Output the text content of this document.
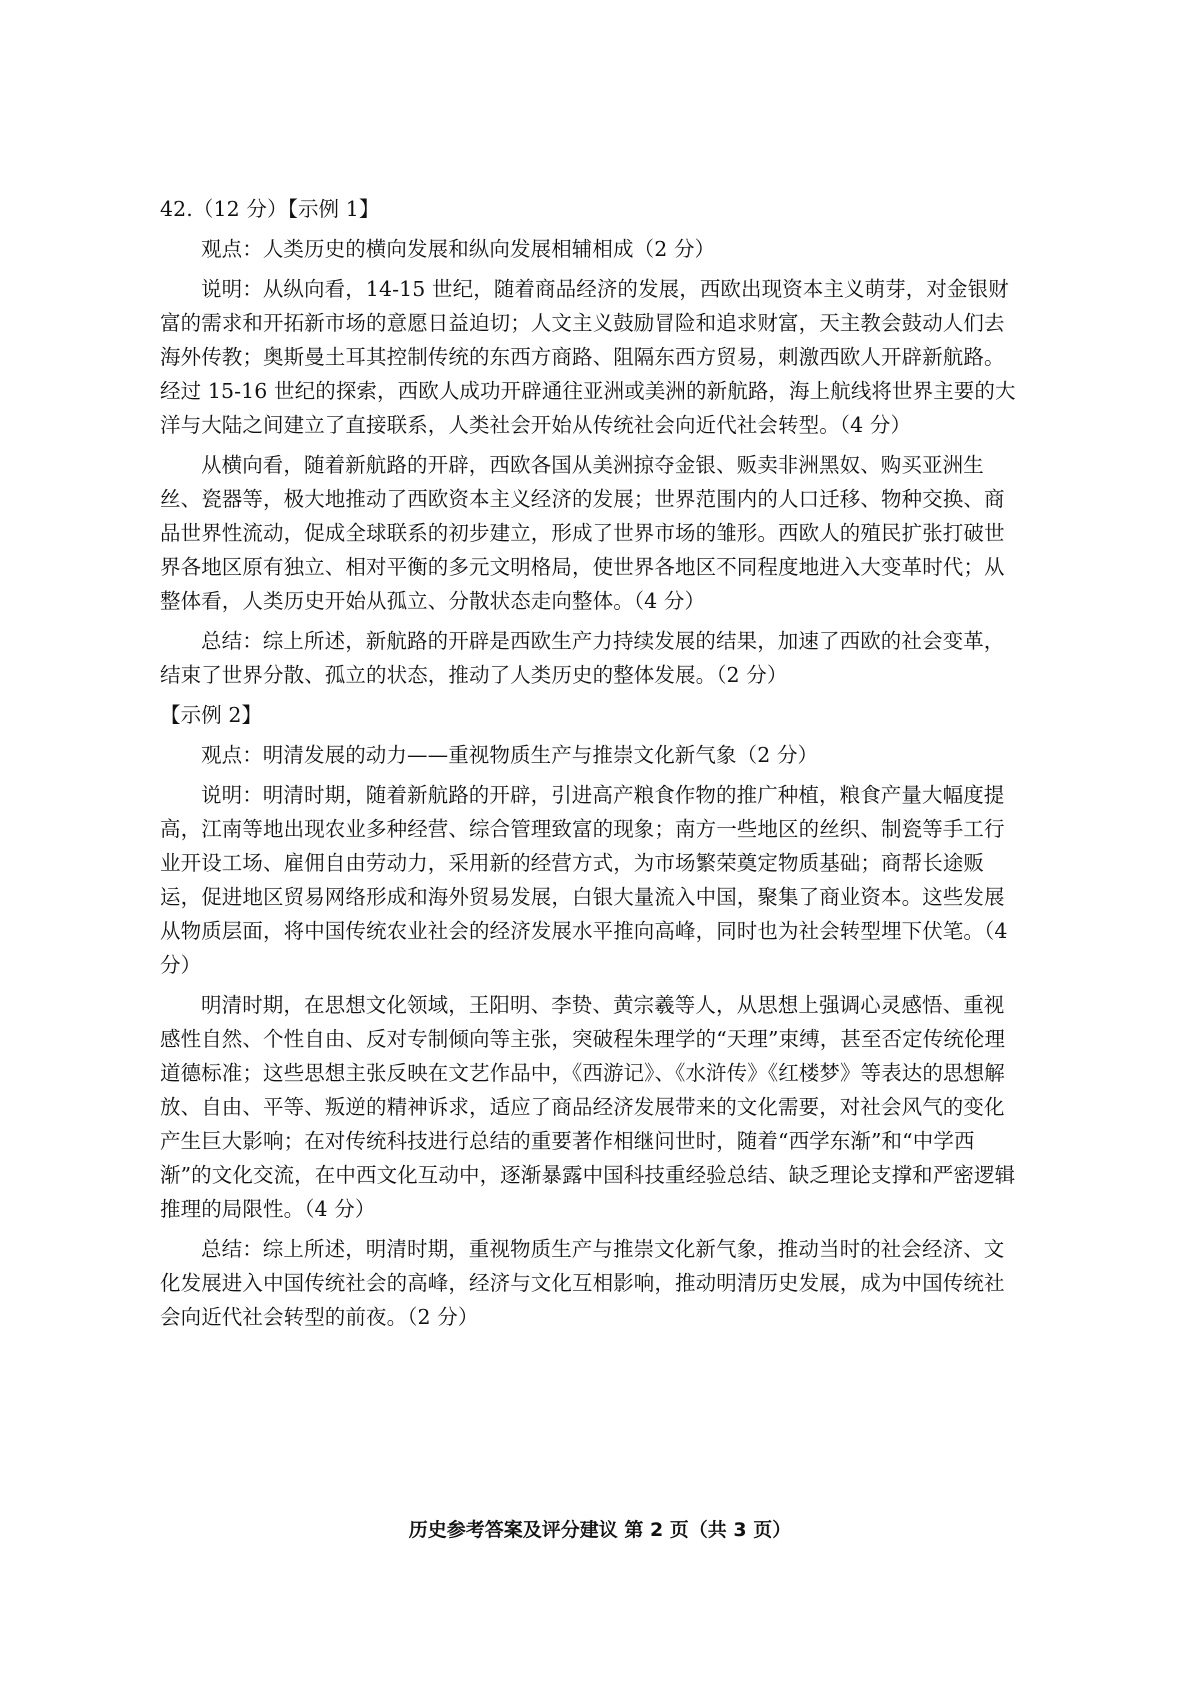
42.（12 分）【示例 1】

观点：人类历史的横向发展和纵向发展相辅相成（2 分）

说明：从纵向看，14-15 世纪，随着商品经济的发展，西欧出现资本主义萌芽，对金银财富的需求和开拓新市场的意愿日益迫切；人文主义鼓励冒险和追求财富，天主教会鼓动人们去海外传教；奥斯曼土耳其控制传统的东西方商路、阻隔东西方贸易，刺激西欧人开辟新航路。经过 15-16 世纪的探索，西欧人成功开辟通往亚洲或美洲的新航路，海上航线将世界主要的大洋与大陆之间建立了直接联系，人类社会开始从传统社会向近代社会转型。（4 分）

从横向看，随着新航路的开辟，西欧各国从美洲掠夺金银、贩卖非洲黑奴、购买亚洲生丝、瓷器等，极大地推动了西欧资本主义经济的发展；世界范围内的人口迁移、物种交换、商品世界性流动，促成全球联系的初步建立，形成了世界市场的雏形。西欧人的殖民扩张打破世界各地区原有独立、相对平衡的多元文明格局，使世界各地区不同程度地进入大变革时代；从整体看，人类历史开始从孤立、分散状态走向整体。（4 分）

总结：综上所述，新航路的开辟是西欧生产力持续发展的结果，加速了西欧的社会变革，结束了世界分散、孤立的状态，推动了人类历史的整体发展。（2 分）

【示例 2】

观点：明清发展的动力——重视物质生产与推崇文化新气象（2 分）

说明：明清时期，随着新航路的开辟，引进高产粮食作物的推广种植，粮食产量大幅度提高，江南等地出现农业多种经营、综合管理致富的现象；南方一些地区的丝织、制瓷等手工行业开设工场、雇佣自由劳动力，采用新的经营方式，为市场繁荣奠定物质基础；商帮长途贩运，促进地区贸易网络形成和海外贸易发展，白银大量流入中国，聚集了商业资本。这些发展从物质层面，将中国传统农业社会的经济发展水平推向高峰，同时也为社会转型埋下伏笔。（4 分）

明清时期，在思想文化领域，王阳明、李贽、黄宗羲等人，从思想上强调心灵感悟、重视感性自然、个性自由、反对专制倾向等主张，突破程朱理学的“天理”束缚，甚至否定传统伦理道德标准；这些思想主张反映在文艺作品中，《西游记》、《水浒传》《红楼梦》等表达的思想解放、自由、平等、叛逆的精神诉求，适应了商品经济发展带来的文化需要，对社会风气的变化产生巨大影响；在对传统科技进行总结的重要著作相继问世时，随着“西学东渐”和“中学西渐”的文化交流，在中西文化互动中，逐渐暴露中国科技重经验总结、缺乏理论支撑和严密逻辑推理的局限性。（4 分）

总结：综上所述，明清时期，重视物质生产与推崇文化新气象，推动当时的社会经济、文化发展进入中国传统社会的高峰，经济与文化互相影响，推动明清历史发展，成为中国传统社会向近代社会转型的前夜。（2 分）

历史参考答案及评分建议 第 2 页（共 3 页）
